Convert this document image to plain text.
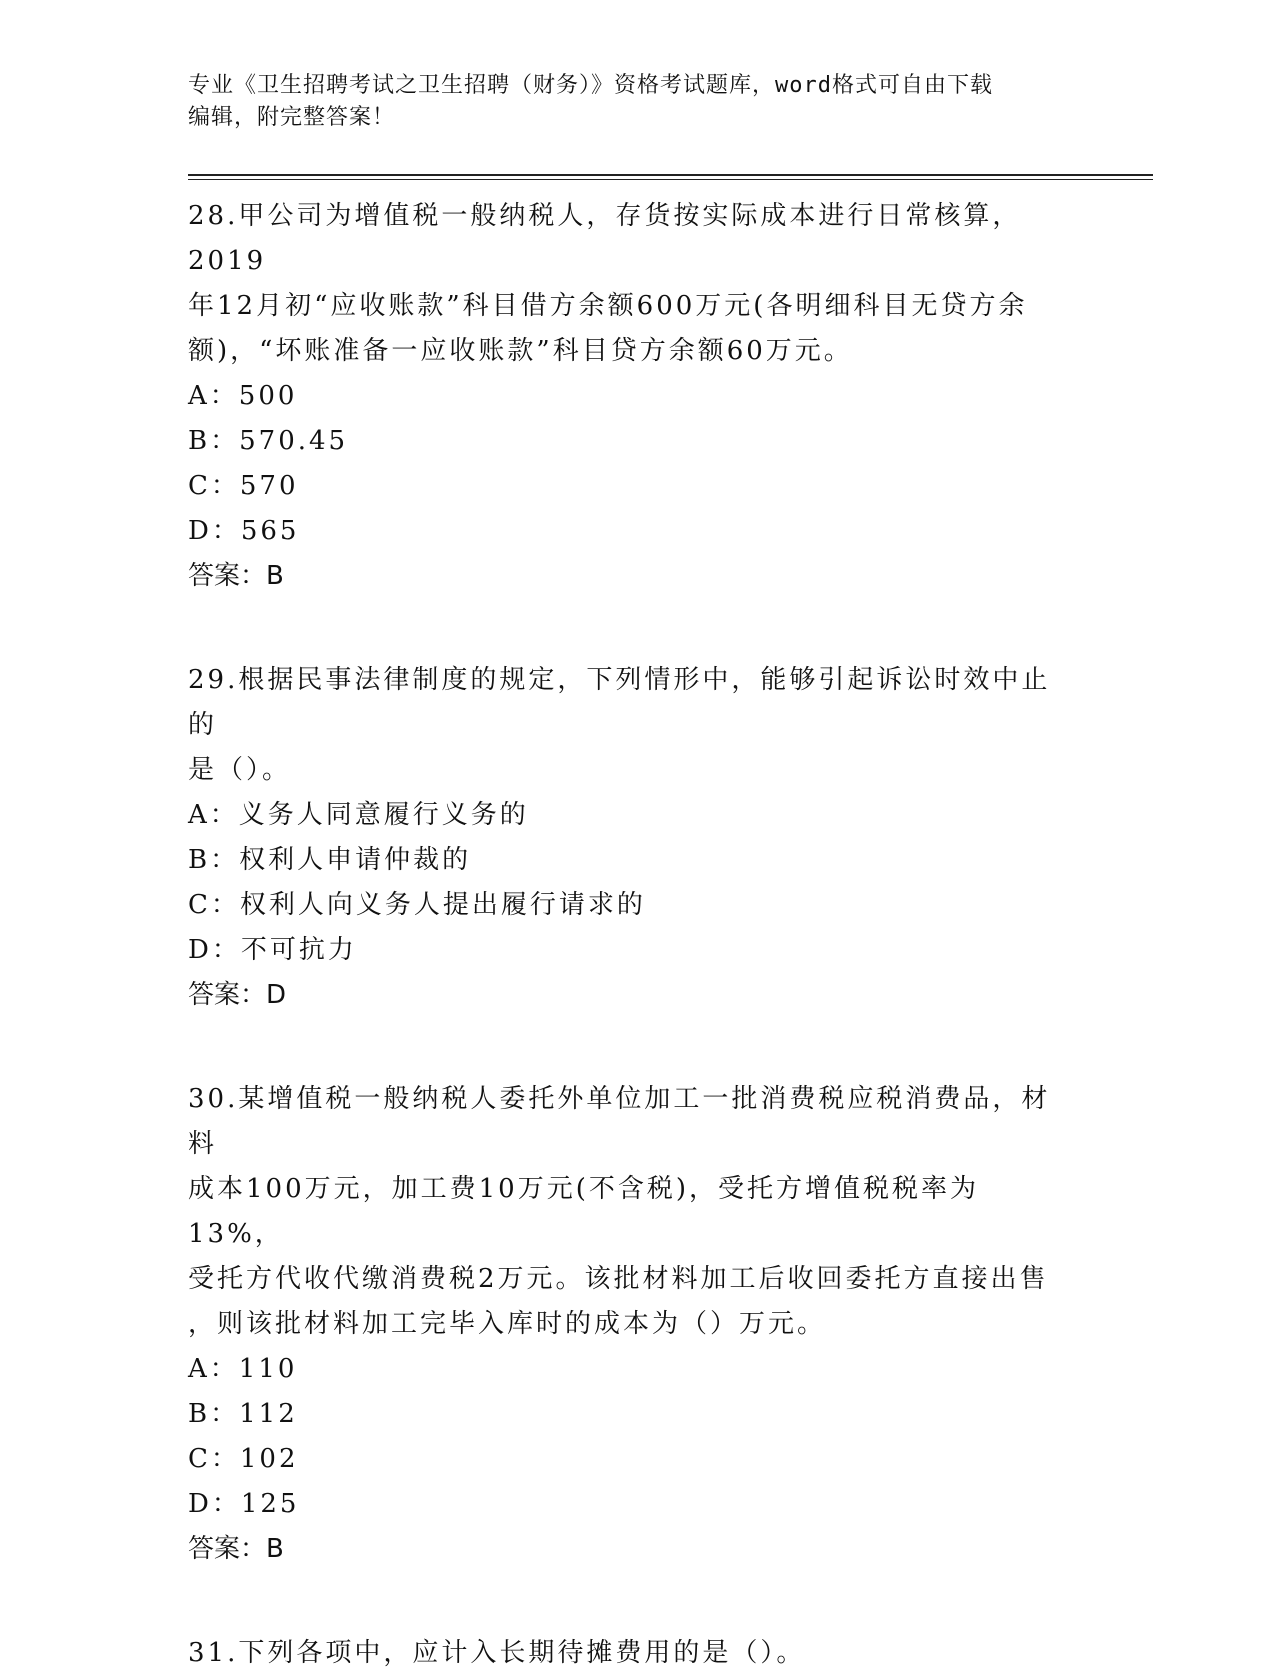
专业《卫生招聘考试之卫生招聘（财务）》资格考试题库，word格式可自由下载
编辑，附完整答案！

28.甲公司为增值税一般纳税人，存货按实际成本进行日常核算，2019
年12月初“应收账款”科目借方余额600万元(各明细科目无贷方余
额)，“坏账准备一应收账款”科目贷方余额60万元。

A：500

B：570.45

C：570

D：565

答案：B

29.根据民事法律制度的规定，下列情形中，能够引起诉讼时效中止的
是（）。

A：义务人同意履行义务的

B：权利人申请仲裁的

C：权利人向义务人提出履行请求的

D：不可抗力

答案：D

30.某增值税一般纳税人委托外单位加工一批消费税应税消费品，材料
成本100万元，加工费10万元(不含税)，受托方增值税税率为13%，
受托方代收代缴消费税2万元。该批材料加工后收回委托方直接出售
，则该批材料加工完毕入库时的成本为（）万元。

A：110

B：112

C：102

D：125

答案：B

31.下列各项中，应计入长期待摊费用的是（）。
